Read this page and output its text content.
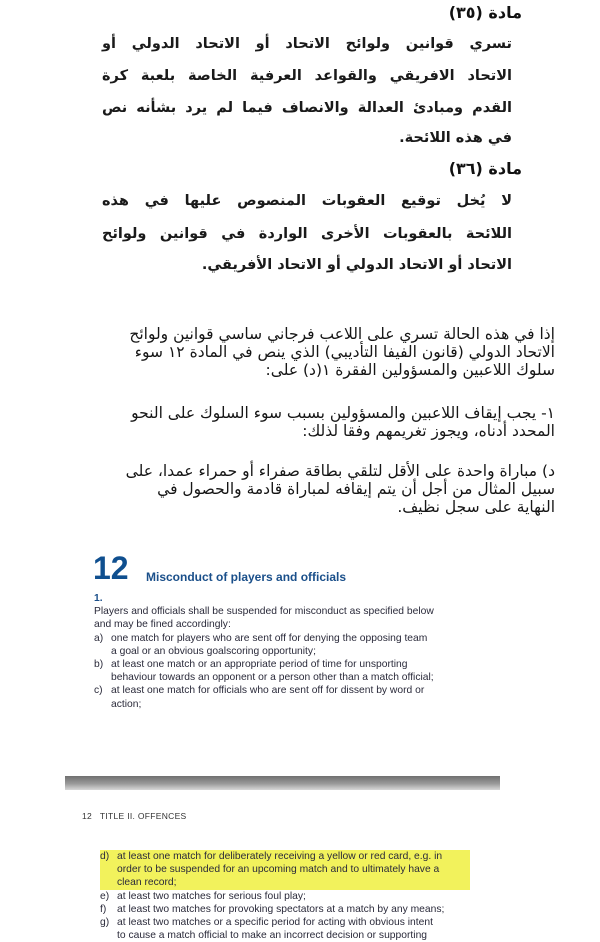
مادة (٣٥)
تسري قوانين ولوائح الاتحاد أو الاتحاد الدولي أو
الاتحاد الافريقي والقواعد العرفية الخاصة بلعبة كرة
القدم ومبادئ العدالة والانصاف فيما لم يرد بشأنه نص
في هذه اللائحة.
مادة (٣٦)
لا يُخل توقيع العقوبات المنصوص عليها في هذه
اللائحة بالعقوبات الأخرى الواردة في قوانين ولوائح
الاتحاد أو الاتحاد الدولي أو الاتحاد الأفريقي.
إذا في هذه الحالة تسري على اللاعب فرجاني ساسي قوانين ولوائح
الاتحاد الدولي (قانون الفيفا التأديبي) الذي ينص في المادة ١٢ سوء
سلوك اللاعبين والمسؤولين الفقرة ١(د) على:
١- يجب إيقاف اللاعبين والمسؤولين بسبب سوء السلوك على النحو
المحدد أدناه، ويجوز تغريمهم وفقا لذلك:
د) مباراة واحدة على الأقل لتلقي بطاقة صفراء أو حمراء عمدا، على
سبيل المثال من أجل أن يتم إيقافه لمباراة قادمة والحصول في
النهاية على سجل نظيف.
12 Misconduct of players and officials
1.
Players and officials shall be suspended for misconduct as specified below
and may be fined accordingly:
a) one match for players who are sent off for denying the opposing team
a goal or an obvious goalscoring opportunity;
b) at least one match or an appropriate period of time for unsporting
behaviour towards an opponent or a person other than a match official;
c) at least one match for officials who are sent off for dissent by word or
action;
12   TITLE II. OFFENCES
d) at least one match for deliberately receiving a yellow or red card, e.g. in
order to be suspended for an upcoming match and to ultimately have a
clean record;
e) at least two matches for serious foul play;
f)	at least two matches for provoking spectators at a match by any means;
g) at least two matches or a specific period for acting with obvious intent
to cause a match official to make an incorrect decision or supporting
